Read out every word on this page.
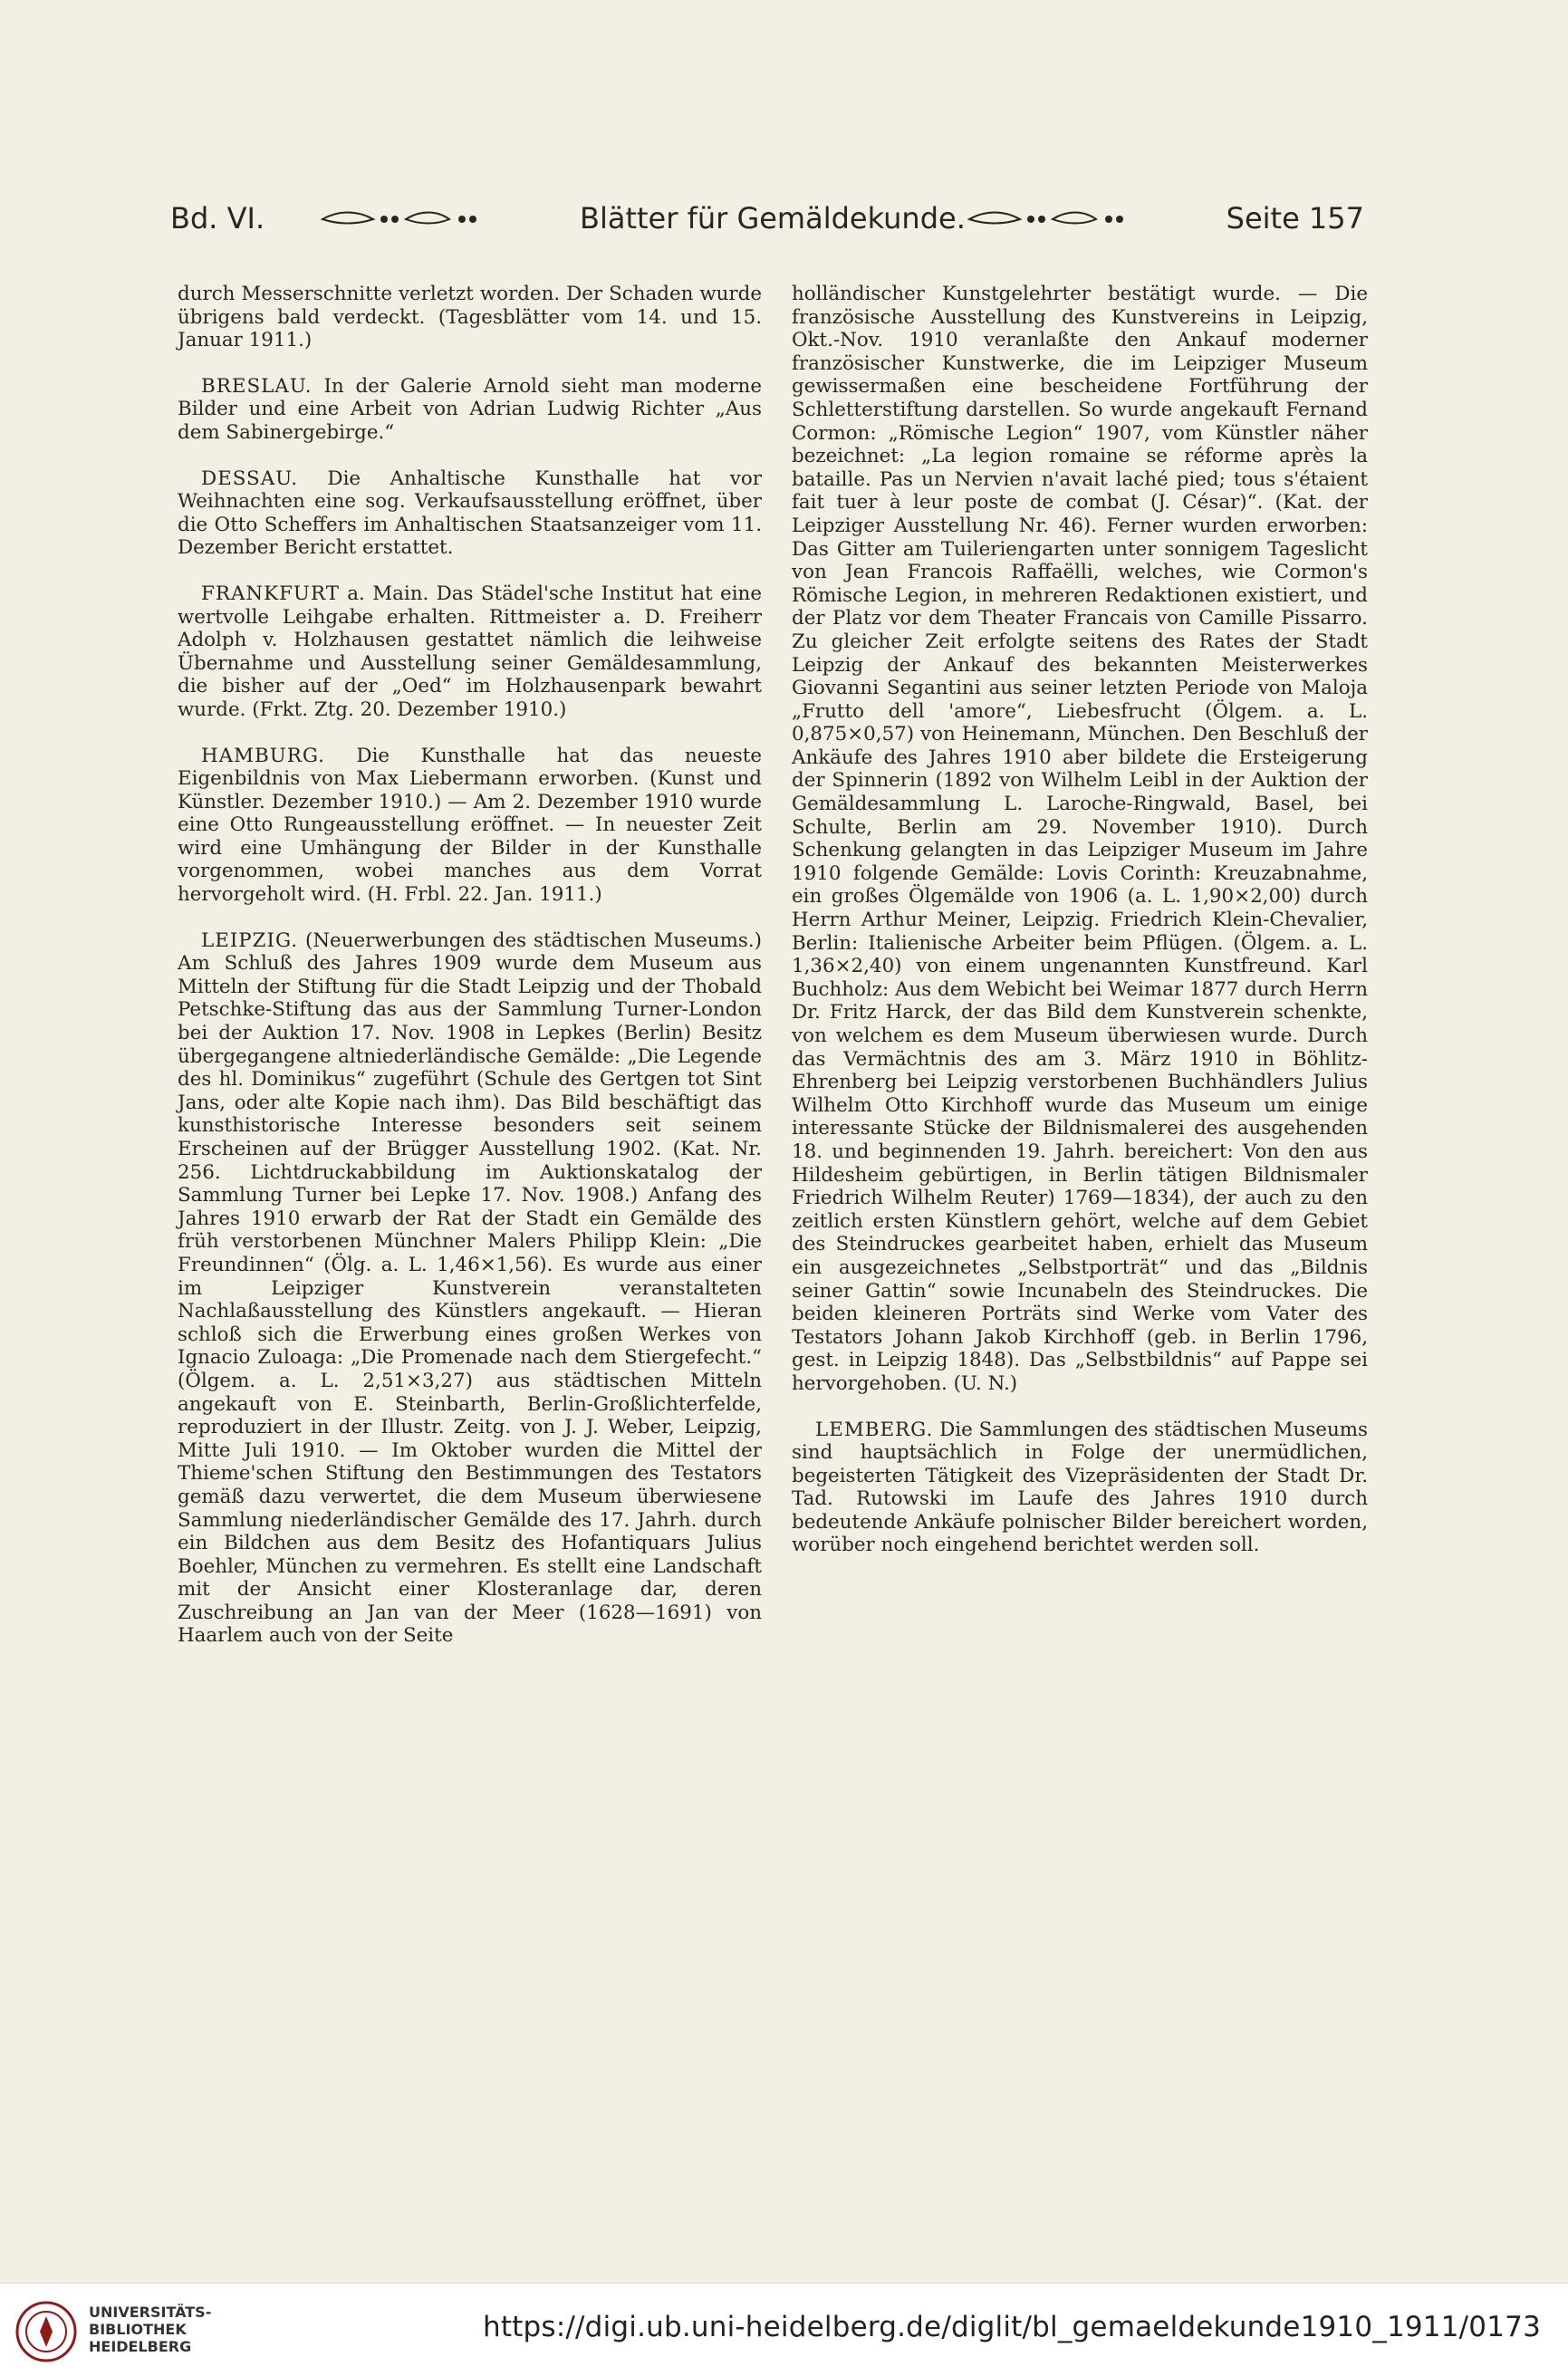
Bd. VI.	Blätter für Gemäldekunde.	Seite 157

durch Messerschnitte verletzt worden. Der Schaden wurde übrigens bald verdeckt. (Tagesblätter vom 14. und 15. Januar 1911.)

BRESLAU. In der Galerie Arnold sieht man moderne Bilder und eine Arbeit von Adrian Ludwig Richter „Aus dem Sabinergebirge.“

DESSAU. Die Anhaltische Kunsthalle hat vor Weihnachten eine sog. Verkaufsausstellung eröffnet, über die Otto Scheffers im Anhaltischen Staatsanzeiger vom 11. Dezember Bericht erstattet.

FRANKFURT a. Main. Das Städel'sche Institut hat eine wertvolle Leihgabe erhalten. Rittmeister a. D. Freiherr Adolph v. Holzhausen gestattet nämlich die leihweise Übernahme und Ausstellung seiner Gemäldesammlung, die bisher auf der „Oed“ im Holzhausenpark bewahrt wurde. (Frkt. Ztg. 20. Dezember 1910.)

HAMBURG. Die Kunsthalle hat das neueste Eigenbildnis von Max Liebermann erworben. (Kunst und Künstler. Dezember 1910.) — Am 2. Dezember 1910 wurde eine Otto Rungeausstellung eröffnet. — In neuester Zeit wird eine Umhängung der Bilder in der Kunsthalle vorgenommen, wobei manches aus dem Vorrat hervorgeholt wird. (H. Frbl. 22. Jan. 1911.)

LEIPZIG. (Neuerwerbungen des städtischen Museums.) Am Schluß des Jahres 1909 wurde dem Museum aus Mitteln der Stiftung für die Stadt Leipzig und der Thobald Petschke-Stiftung das aus der Sammlung Turner-London bei der Auktion 17. Nov. 1908 in Lepkes (Berlin) Besitz übergegangene altniederländische Gemälde: „Die Legende des hl. Dominikus“ zugeführt (Schule des Gertgen tot Sint Jans, oder alte Kopie nach ihm). Das Bild beschäftigt das kunsthistorische Interesse besonders seit seinem Erscheinen auf der Brügger Ausstellung 1902. (Kat. Nr. 256. Lichtdruckabbildung im Auktionskatalog der Sammlung Turner bei Lepke 17. Nov. 1908.) Anfang des Jahres 1910 erwarb der Rat der Stadt ein Gemälde des früh verstorbenen Münchner Malers Philipp Klein: „Die Freundinnen“ (Ölg. a. L. 1,46×1,56). Es wurde aus einer im Leipziger Kunstverein veranstalteten Nachlaßausstellung des Künstlers angekauft. — Hieran schloß sich die Erwerbung eines großen Werkes von Ignacio Zuloaga: „Die Promenade nach dem Stiergefecht.“ (Ölgem. a. L. 2,51×3,27) aus städtischen Mitteln angekauft von E. Steinbarth, Berlin-Großlichterfelde, reproduziert in der Illustr. Zeitg. von J. J. Weber, Leipzig, Mitte Juli 1910. — Im Oktober wurden die Mittel der Thieme'schen Stiftung den Bestimmungen des Testators gemäß dazu verwertet, die dem Museum überwiesene Sammlung niederländischer Gemälde des 17. Jahrh. durch ein Bildchen aus dem Besitz des Hofantiquars Julius Boehler, München zu vermehren. Es stellt eine Landschaft mit der Ansicht einer Klosteranlage dar, deren Zuschreibung an Jan van der Meer (1628—1691) von Haarlem auch von der Seite

holländischer Kunstgelehrter bestätigt wurde. — Die französische Ausstellung des Kunstvereins in Leipzig, Okt.-Nov. 1910 veranlaßte den Ankauf moderner französischer Kunstwerke, die im Leipziger Museum gewissermaßen eine bescheidene Fortführung der Schletterstiftung darstellen. So wurde angekauft Fernand Cormon: „Römische Legion“ 1907, vom Künstler näher bezeichnet: „La legion romaine se réforme après la bataille. Pas un Nervien n'avait laché pied; tous s'étaient fait tuer à leur poste de combat (J. César)“. (Kat. der Leipziger Ausstellung Nr. 46). Ferner wurden erworben: Das Gitter am Tuileriengarten unter sonnigem Tageslicht von Jean Francois Raffaëlli, welches, wie Cormon's Römische Legion, in mehreren Redaktionen existiert, und der Platz vor dem Theater Francais von Camille Pissarro. Zu gleicher Zeit erfolgte seitens des Rates der Stadt Leipzig der Ankauf des bekannten Meisterwerkes Giovanni Segantini aus seiner letzten Periode von Maloja „Frutto dell 'amore“, Liebesfrucht (Ölgem. a. L. 0,875×0,57) von Heinemann, München. Den Beschluß der Ankäufe des Jahres 1910 aber bildete die Ersteigerung der Spinnerin (1892 von Wilhelm Leibl in der Auktion der Gemäldesammlung L. Laroche-Ringwald, Basel, bei Schulte, Berlin am 29. November 1910). Durch Schenkung gelangten in das Leipziger Museum im Jahre 1910 folgende Gemälde: Lovis Corinth: Kreuzabnahme, ein großes Ölgemälde von 1906 (a. L. 1,90×2,00) durch Herrn Arthur Meiner, Leipzig. Friedrich Klein-Chevalier, Berlin: Italienische Arbeiter beim Pflügen. (Ölgem. a. L. 1,36×2,40) von einem ungenannten Kunstfreund. Karl Buchholz: Aus dem Webicht bei Weimar 1877 durch Herrn Dr. Fritz Harck, der das Bild dem Kunstverein schenkte, von welchem es dem Museum überwiesen wurde. Durch das Vermächtnis des am 3. März 1910 in Böhlitz-Ehrenberg bei Leipzig verstorbenen Buchhändlers Julius Wilhelm Otto Kirchhoff wurde das Museum um einige interessante Stücke der Bildnismalerei des ausgehenden 18. und beginnenden 19. Jahrh. bereichert: Von den aus Hildesheim gebürtigen, in Berlin tätigen Bildnismaler Friedrich Wilhelm Reuter) 1769—1834), der auch zu den zeitlich ersten Künstlern gehört, welche auf dem Gebiet des Steindruckes gearbeitet haben, erhielt das Museum ein ausgezeichnetes „Selbstporträt“ und das „Bildnis seiner Gattin“ sowie Incunabeln des Steindruckes. Die beiden kleineren Porträts sind Werke vom Vater des Testators Johann Jakob Kirchhoff (geb. in Berlin 1796, gest. in Leipzig 1848). Das „Selbstbildnis“ auf Pappe sei hervorgehoben. (U. N.)

LEMBERG. Die Sammlungen des städtischen Museums sind hauptsächlich in Folge der unermüdlichen, begeisterten Tätigkeit des Vizepräsidenten der Stadt Dr. Tad. Rutowski im Laufe des Jahres 1910 durch bedeutende Ankäufe polnischer Bilder bereichert worden, worüber noch eingehend berichtet werden soll.

UNIVERSITÄTS-
BIBLIOTHEK
HEIDELBERG
https://digi.ub.uni-heidelberg.de/diglit/bl_gemaeldekunde1910_1911/0173
